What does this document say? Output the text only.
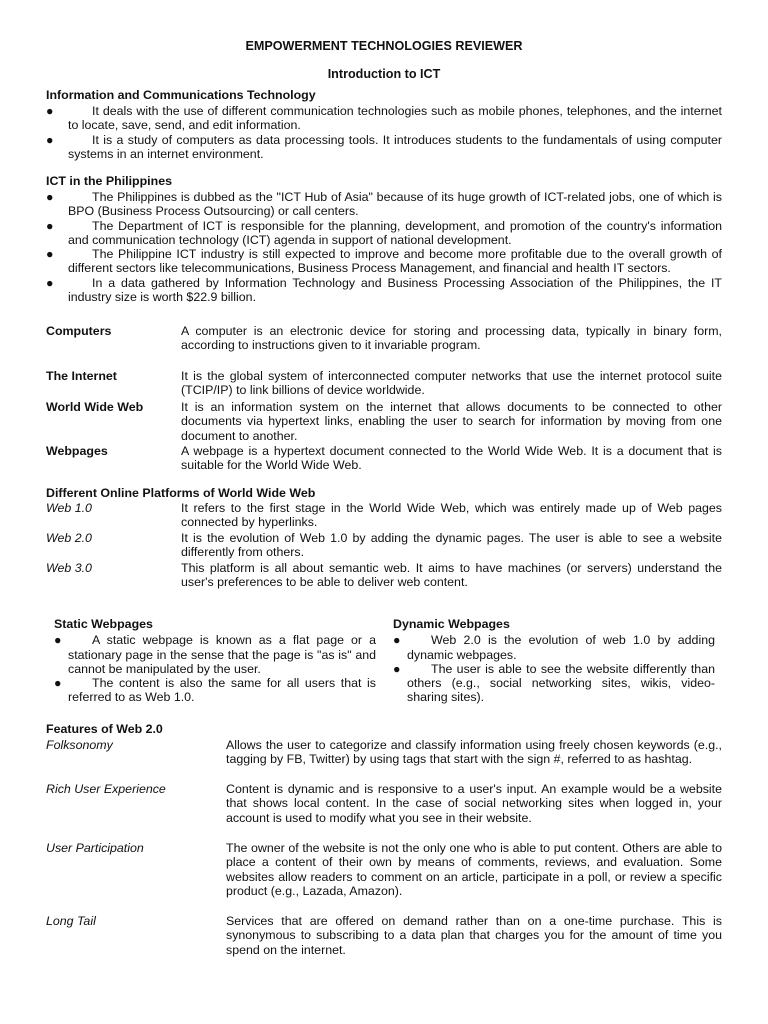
EMPOWERMENT TECHNOLOGIES REVIEWER
Introduction to ICT
Information and Communications Technology
●	It deals with the use of different communication technologies such as mobile phones, telephones, and the internet to locate, save, send, and edit information.
●	It is a study of computers as data processing tools. It introduces students to the fundamentals of using computer systems in an internet environment.
ICT in the Philippines
●	The Philippines is dubbed as the "ICT Hub of Asia" because of its huge growth of ICT-related jobs, one of which is BPO (Business Process Outsourcing) or call centers.
●	The Department of ICT is responsible for the planning, development, and promotion of the country's information and communication technology (ICT) agenda in support of national development.
●	The Philippine ICT industry is still expected to improve and become more profitable due to the overall growth of different sectors like telecommunications, Business Process Management, and financial and health IT sectors.
●	In a data gathered by Information Technology and Business Processing Association of the Philippines, the IT industry size is worth $22.9 billion.
Computers	A computer is an electronic device for storing and processing data, typically in binary form, according to instructions given to it invariable program.
The Internet	It is the global system of interconnected computer networks that use the internet protocol suite (TCIP/IP) to link billions of device worldwide.
World Wide Web	It is an information system on the internet that allows documents to be connected to other documents via hypertext links, enabling the user to search for information by moving from one document to another.
Webpages	A webpage is a hypertext document connected to the World Wide Web. It is a document that is suitable for the World Wide Web.
Different Online Platforms of World Wide Web
Web 1.0	It refers to the first stage in the World Wide Web, which was entirely made up of Web pages connected by hyperlinks.
Web 2.0	It is the evolution of Web 1.0 by adding the dynamic pages. The user is able to see a website differently from others.
Web 3.0	This platform is all about semantic web. It aims to have machines (or servers) understand the user's preferences to be able to deliver web content.
Static Webpages
● A static webpage is known as a flat page or a stationary page in the sense that the page is "as is" and cannot be manipulated by the user.
● The content is also the same for all users that is referred to as Web 1.0.
Dynamic Webpages
● Web 2.0 is the evolution of web 1.0 by adding dynamic webpages.
● The user is able to see the website differently than others (e.g., social networking sites, wikis, video-sharing sites).
Features of Web 2.0
Folksonomy	Allows the user to categorize and classify information using freely chosen keywords (e.g., tagging by FB, Twitter) by using tags that start with the sign #, referred to as hashtag.
Rich User Experience	Content is dynamic and is responsive to a user's input. An example would be a website that shows local content. In the case of social networking sites when logged in, your account is used to modify what you see in their website.
User Participation	The owner of the website is not the only one who is able to put content. Others are able to place a content of their own by means of comments, reviews, and evaluation. Some websites allow readers to comment on an article, participate in a poll, or review a specific product (e.g., Lazada, Amazon).
Long Tail	Services that are offered on demand rather than on a one-time purchase. This is synonymous to subscribing to a data plan that charges you for the amount of time you spend on the internet.
